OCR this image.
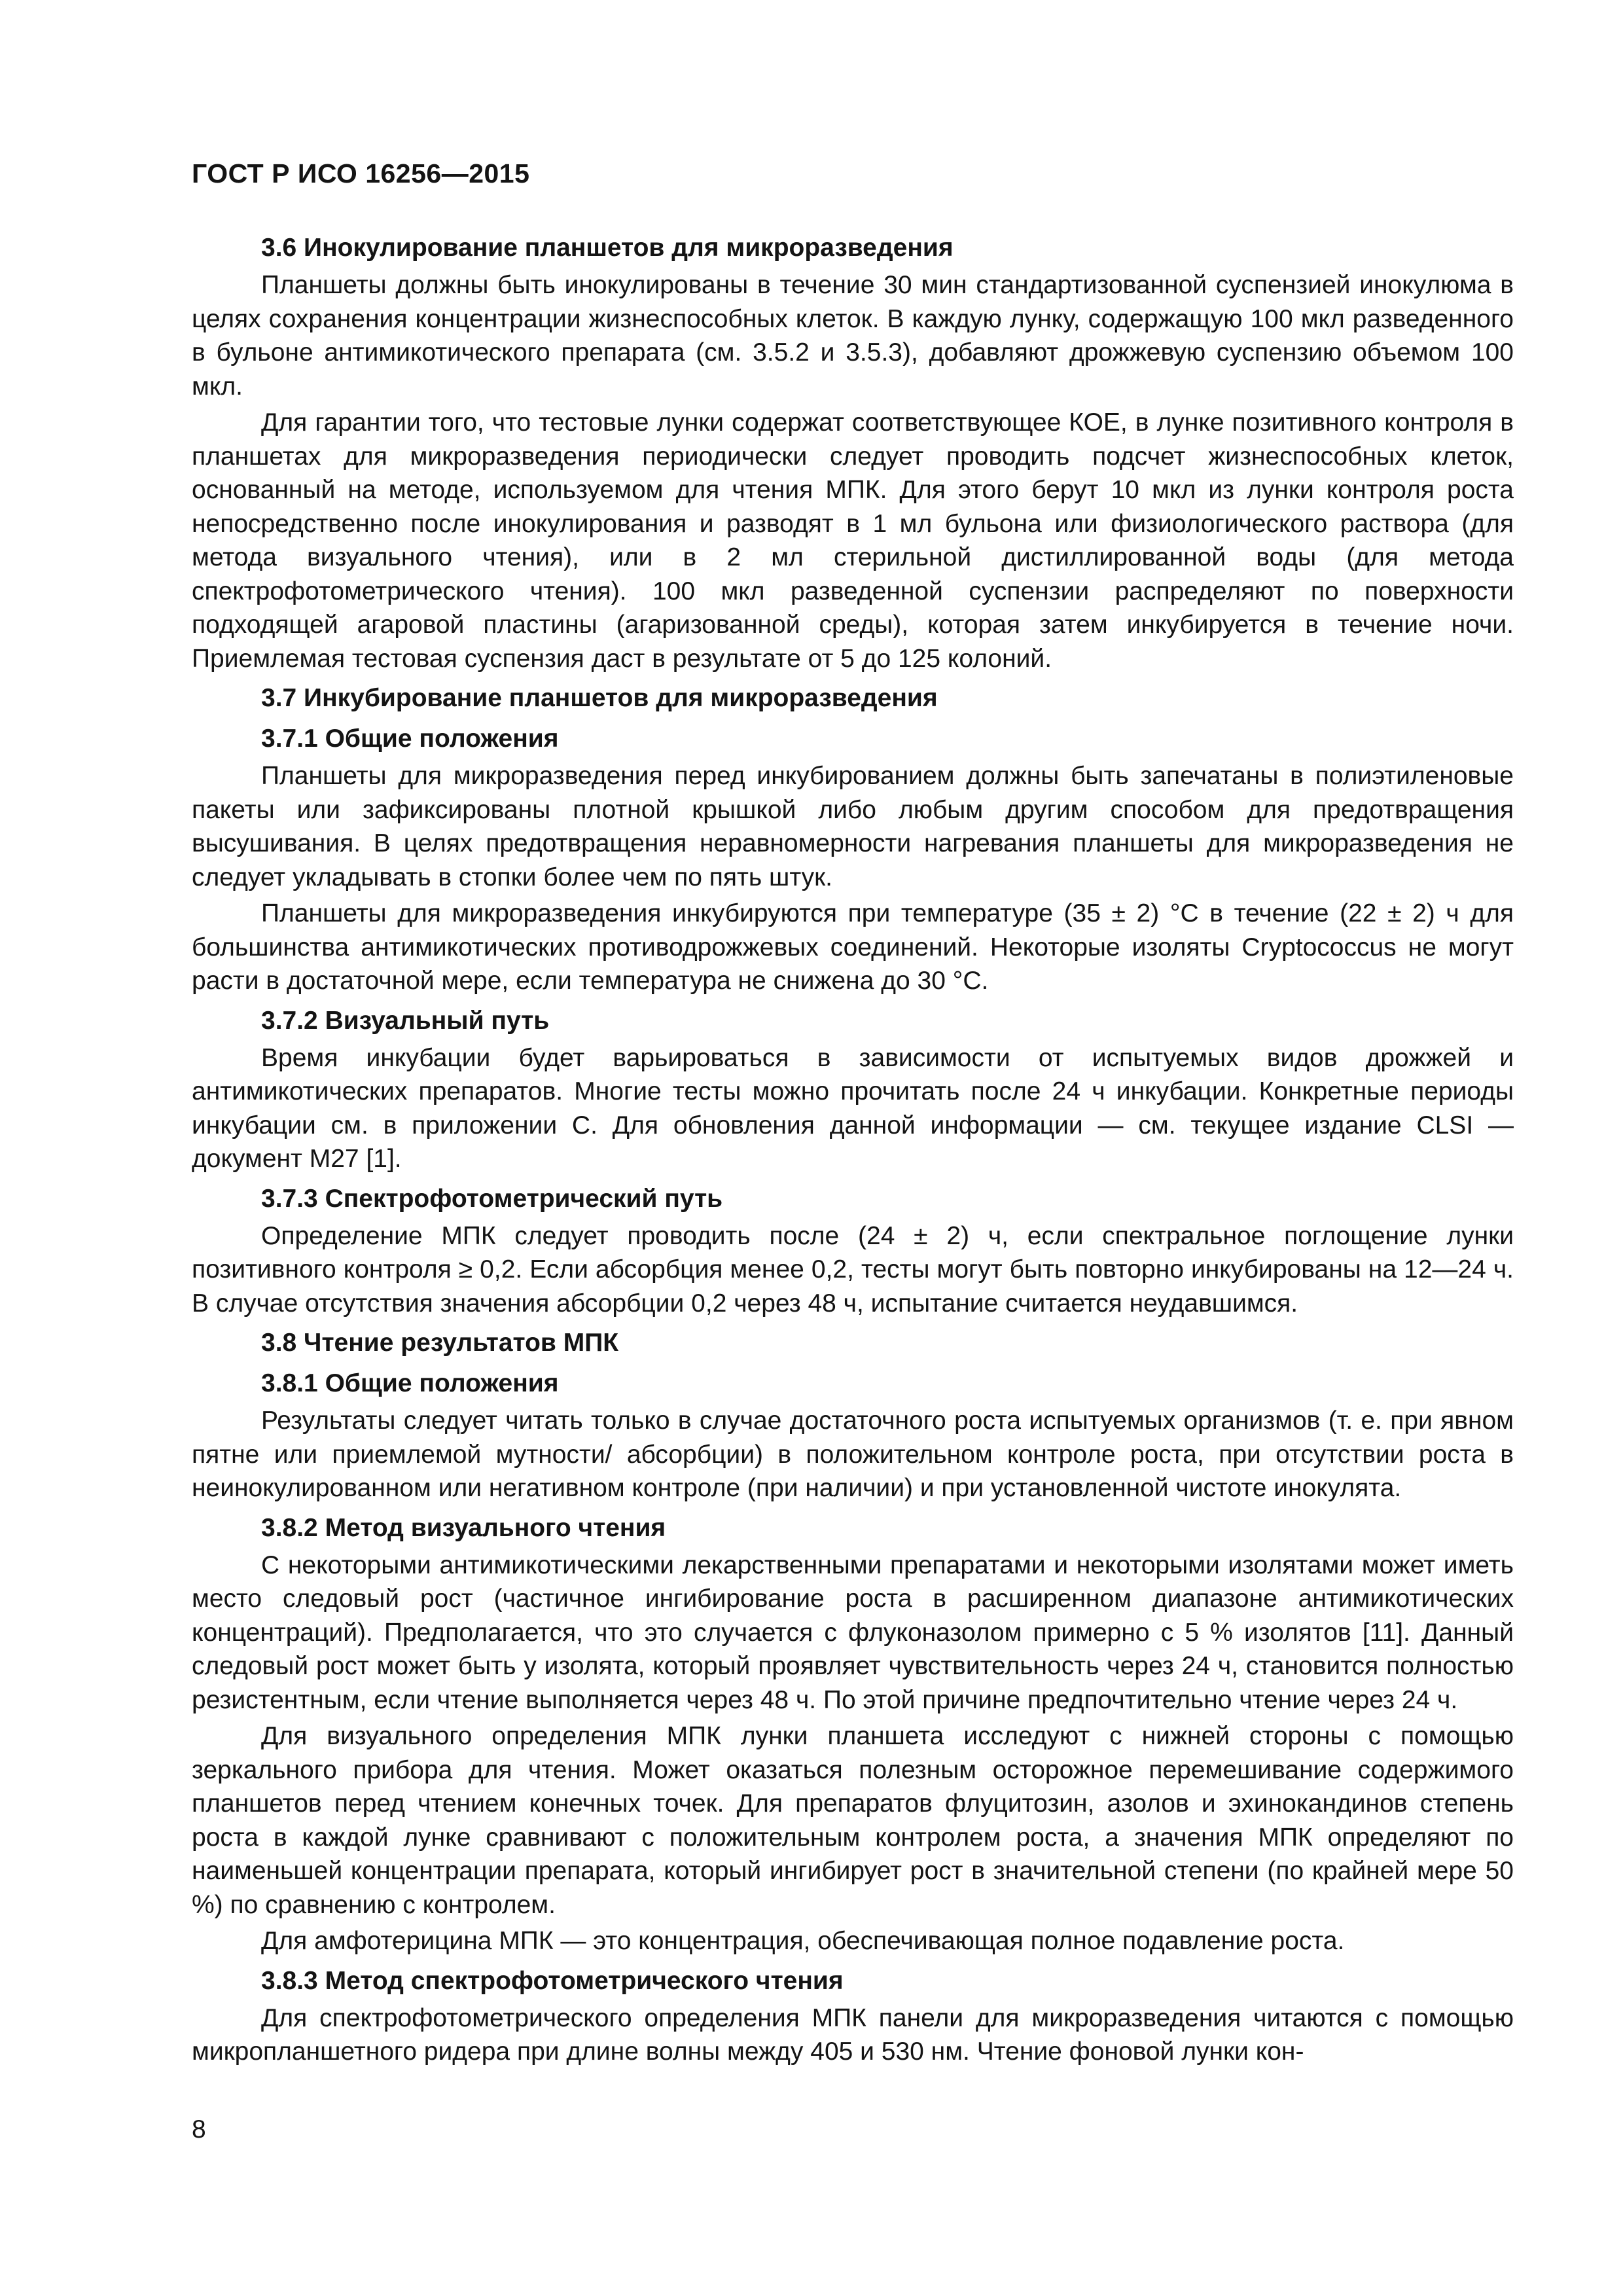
ГОСТ Р ИСО 16256—2015
3.6 Инокулирование планшетов для микроразведения

Планшеты должны быть инокулированы в течение 30 мин стандартизованной суспензией инокулюма в целях сохранения концентрации жизнеспособных клеток. В каждую лунку, содержащую 100 мкл разведенного в бульоне антимикотического препарата (см. 3.5.2 и 3.5.3), добавляют дрожжевую суспензию объемом 100 мкл.

Для гарантии того, что тестовые лунки содержат соответствующее КОЕ, в лунке позитивного контроля в планшетах для микроразведения периодически следует проводить подсчет жизнеспособных клеток, основанный на методе, используемом для чтения МПК. Для этого берут 10 мкл из лунки контроля роста непосредственно после инокулирования и разводят в 1 мл бульона или физиологического раствора (для метода визуального чтения), или в 2 мл стерильной дистиллированной воды (для метода спектрофотометрического чтения). 100 мкл разведенной суспензии распределяют по поверхности подходящей агаровой пластины (агаризованной среды), которая затем инкубируется в течение ночи. Приемлемая тестовая суспензия даст в результате от 5 до 125 колоний.

3.7 Инкубирование планшетов для микроразведения
3.7.1 Общие положения

Планшеты для микроразведения перед инкубированием должны быть запечатаны в полиэтиленовые пакеты или зафиксированы плотной крышкой либо любым другим способом для предотвращения высушивания. В целях предотвращения неравномерности нагревания планшеты для микроразведения не следует укладывать в стопки более чем по пять штук.

Планшеты для микроразведения инкубируются при температуре (35 ± 2) °С в течение (22 ± 2) ч для большинства антимикотических противодрожжевых соединений. Некоторые изоляты Cryptococcus не могут расти в достаточной мере, если температура не снижена до 30 °С.

3.7.2 Визуальный путь

Время инкубации будет варьироваться в зависимости от испытуемых видов дрожжей и антимикотических препаратов. Многие тесты можно прочитать после 24 ч инкубации. Конкретные периоды инкубации см. в приложении С. Для обновления данной информации — см. текущее издание CLSI — документ М27 [1].

3.7.3 Спектрофотометрический путь

Определение МПК следует проводить после (24 ± 2) ч, если спектральное поглощение лунки позитивного контроля ≥ 0,2. Если абсорбция менее 0,2, тесты могут быть повторно инкубированы на 12—24 ч. В случае отсутствия значения абсорбции 0,2 через 48 ч, испытание считается неудавшимся.

3.8 Чтение результатов МПК
3.8.1 Общие положения

Результаты следует читать только в случае достаточного роста испытуемых организмов (т. е. при явном пятне или приемлемой мутности/ абсорбции) в положительном контроле роста, при отсутствии роста в неинокулированном или негативном контроле (при наличии) и при установленной чистоте инокулята.

3.8.2 Метод визуального чтения

С некоторыми антимикотическими лекарственными препаратами и некоторыми изолятами может иметь место следовый рост (частичное ингибирование роста в расширенном диапазоне антимикотических концентраций). Предполагается, что это случается с флуконазолом примерно с 5 % изолятов [11]. Данный следовый рост может быть у изолята, который проявляет чувствительность через 24 ч, становится полностью резистентным, если чтение выполняется через 48 ч. По этой причине предпочтительно чтение через 24 ч.

Для визуального определения МПК лунки планшета исследуют с нижней стороны с помощью зеркального прибора для чтения. Может оказаться полезным осторожное перемешивание содержимого планшетов перед чтением конечных точек. Для препаратов флуцитозин, азолов и эхинокандинов степень роста в каждой лунке сравнивают с положительным контролем роста, а значения МПК определяют по наименьшей концентрации препарата, который ингибирует рост в значительной степени (по крайней мере 50 %) по сравнению с контролем.

Для амфотерицина МПК — это концентрация, обеспечивающая полное подавление роста.

3.8.3 Метод спектрофотометрического чтения

Для спектрофотометрического определения МПК панели для микроразведения читаются с помощью микропланшетного ридера при длине волны между 405 и 530 нм. Чтение фоновой лунки кон-

8
